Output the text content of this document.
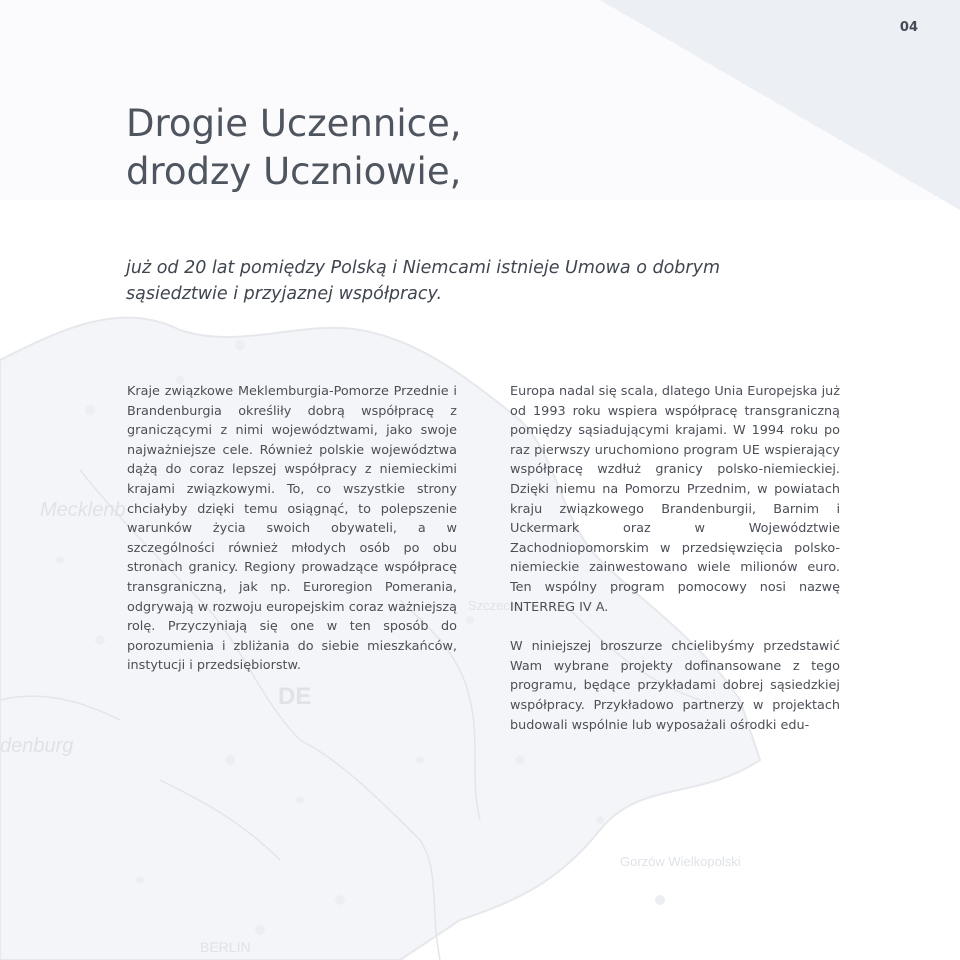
Mecklenb
denburg
DE
Szczecin
Gorzów Wielkopolski
BERLIN
04
Drogie Uczennice,
drodzy Uczniowie,

już od 20 lat pomiędzy Polską i Niemcami istnieje Umowa o dobrym sąsiedztwie i przyjaznej współpracy.

Kraje związkowe Meklemburgia-Pomorze Przednie i Brandenburgia określiły dobrą współpracę z graniczącymi z nimi województwami, jako swoje najważniejsze cele. Również polskie województwa dążą do coraz lepszej współpracy z niemieckimi krajami związkowymi. To, co wszystkie strony chciałyby dzięki temu osiągnąć, to polepszenie warunków życia swoich obywateli, a w szczególności również młodych osób po obu stronach granicy. Regiony prowadzące współpracę transgraniczną, jak np. Euroregion Pomerania, odgrywają w rozwoju europejskim coraz ważniejszą rolę. Przyczyniają się one w ten sposób do porozumienia i zbliżania do siebie mieszkańców, instytucji i przedsiębiorstw.

Europa nadal się scala, dlatego Unia Europejska już od 1993 roku wspiera współpracę transgraniczną pomiędzy sąsiadującymi krajami. W 1994 roku po raz pierwszy uruchomiono program UE wspierający współpracę wzdłuż granicy polsko-niemieckiej. Dzięki niemu na Pomorzu Przednim, w powiatach kraju związkowego Brandenburgii, Barnim i Uckermark oraz w Województwie Zachodniopomorskim w przedsięwzięcia polsko-niemieckie zainwestowano wiele milionów euro. Ten wspólny program pomocowy nosi nazwę INTERREG IV A.

W niniejszej broszurze chcielibyśmy przedstawić Wam wybrane projekty dofinansowane z tego programu, będące przykładami dobrej sąsiedzkiej współpracy. Przykładowo partnerzy w projektach budowali wspólnie lub wyposażali ośrodki edu-
